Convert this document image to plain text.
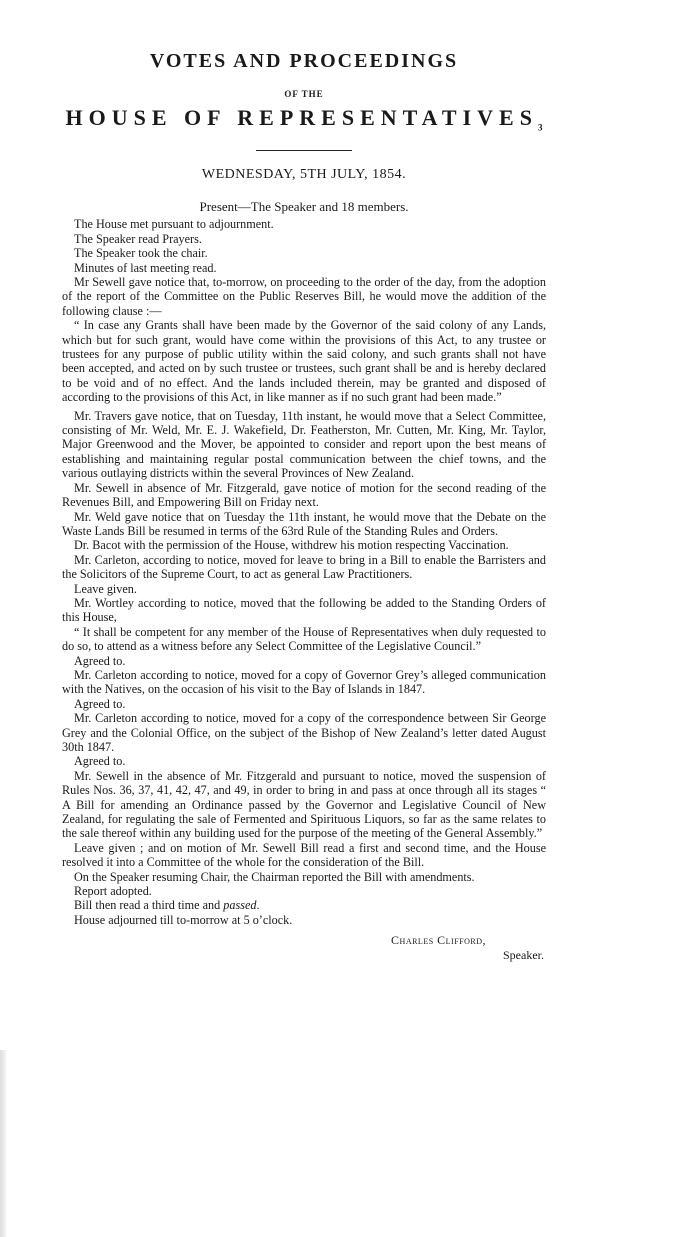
VOTES AND PROCEEDINGS
OF THE
HOUSE OF $REPRESENTATIVES_3$
WEDNESDAY, 5TH JULY, 1854.
Present—The Speaker and 18 members.

The House met pursuant to adjournment.

The Speaker read Prayers.

The Speaker took the chair.

Minutes of last meeting read.

Mr Sewell gave notice that, to-morrow, on proceeding to the order of the day, from the adoption of the report of the Committee on the Public Reserves Bill, he would move the addition of the following clause :—

“ In case any Grants shall have been made by the Governor of the said colony of any Lands, which but for such grant, would have come within the provisions of this Act, to any trustee or trustees for any purpose of public utility within the said colony, and such grants shall not have been accepted, and acted on by such trustee or trustees, such grant shall be and is hereby declared to be void and of no effect. And the lands included therein, may be granted and disposed of according to the provisions of this Act, in like manner as if no such grant had been made.”

Mr. Travers gave notice, that on Tuesday, 11th instant, he would move that a Select Committee, consisting of Mr. Weld, Mr. E. J. Wakefield, Dr. Featherston, Mr. Cutten, Mr. King, Mr. Taylor, Major Greenwood and the Mover, be appointed to consider and report upon the best means of establishing and maintaining regular postal communication between the chief towns, and the various outlaying districts within the several Provinces of New Zealand.

Mr. Sewell in absence of Mr. Fitzgerald, gave notice of motion for the second reading of the Revenues Bill, and Empowering Bill on Friday next.

Mr. Weld gave notice that on Tuesday the 11th instant, he would move that the Debate on the Waste Lands Bill be resumed in terms of the 63rd Rule of the Standing Rules and Orders.

Dr. Bacot with the permission of the House, withdrew his motion respecting Vaccination.

Mr. Carleton, according to notice, moved for leave to bring in a Bill to enable the Barristers and the Solicitors of the Supreme Court, to act as general Law Practitioners.

Leave given.

Mr. Wortley according to notice, moved that the following be added to the Standing Orders of this House,

“ It shall be competent for any member of the House of Representatives when duly requested to do so, to attend as a witness before any Select Committee of the Legislative Council.”

Agreed to.

Mr. Carleton according to notice, moved for a copy of Governor Grey’s alleged communication with the Natives, on the occasion of his visit to the Bay of Islands in 1847.

Agreed to.

Mr. Carleton according to notice, moved for a copy of the correspondence between Sir George Grey and the Colonial Office, on the subject of the Bishop of New Zealand’s letter dated August 30th 1847.

Agreed to.

Mr. Sewell in the absence of Mr. Fitzgerald and pursuant to notice, moved the suspension of Rules Nos. 36, 37, 41, 42, 47, and 49, in order to bring in and pass at once through all its stages “ A Bill for amending an Ordinance passed by the Governor and Legislative Council of New Zealand, for regulating the sale of Fermented and Spirituous Liquors, so far as the same relates to the sale thereof within any building used for the purpose of the meeting of the General Assembly.”

Leave given ; and on motion of Mr. Sewell Bill read a first and second time, and the House resolved it into a Committee of the whole for the consideration of the Bill.

On the Speaker resuming Chair, the Chairman reported the Bill with amendments.

Report adopted.

Bill then read a third time and passed.

House adjourned till to-morrow at 5 o’clock.

Charles Clifford,
Speaker.
